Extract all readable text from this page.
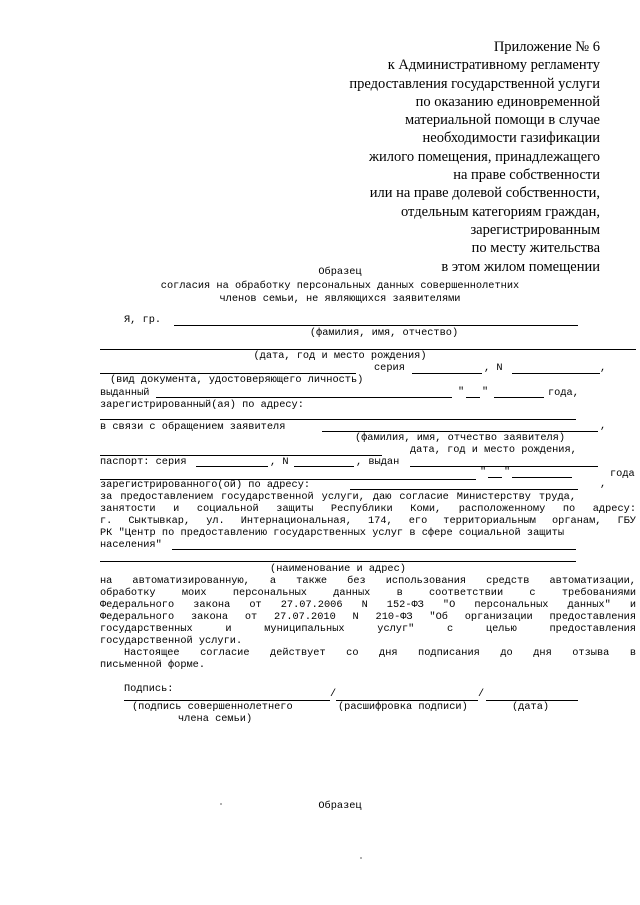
Приложение № 6
к Административному регламенту
предоставления государственной услуги
по оказанию единовременной
материальной помощи в случае
необходимости газификации
жилого помещения, принадлежащего
на праве собственности
или на праве долевой собственности,
отдельным категориям граждан,
зарегистрированным
по месту жительства
в этом жилом помещении
Образец
согласия на обработку персональных данных совершеннолетних
членов семьи, не являющихся заявителями
Я, гр.
(фамилия, имя, отчество)
(дата, год и место рождения)
серия	, N	,
(вид документа, удостоверяющего личность)
выданный	" "	года,
зарегистрированный(ая) по адресу:
в связи с обращением заявителя	,
(фамилия, имя, отчество заявителя)
дата, год и место рождения,
паспорт: серия	, N	, выдан
" "	года
зарегистрированного(ой) по адресу:	,
за предоставлением государственной услуги, даю согласие Министерству труда,
занятости и социальной защиты Республики Коми, расположенному по адресу:
г. Сыктывкар, ул. Интернациональная, 174, его территориальным органам, ГБУ
РК "Центр по предоставлению государственных услуг в сфере социальной защиты
населения"
(наименование и адрес)
на автоматизированную, а также без использования средств автоматизации,
обработку моих персональных данных в соответствии с требованиями
Федерального закона от 27.07.2006 N 152-ФЗ "О персональных данных" и
Федерального закона от 27.07.2010 N 210-ФЗ "Об организации предоставления
государственных и муниципальных услуг" с целью предоставления
государственной услуги.
Настоящее согласие действует со дня подписания до дня отзыва в
письменной форме.
Подпись:	/	/
(подпись совершеннолетнего
члена семьи)
(расшифровка подписи)	(дата)
Образец
